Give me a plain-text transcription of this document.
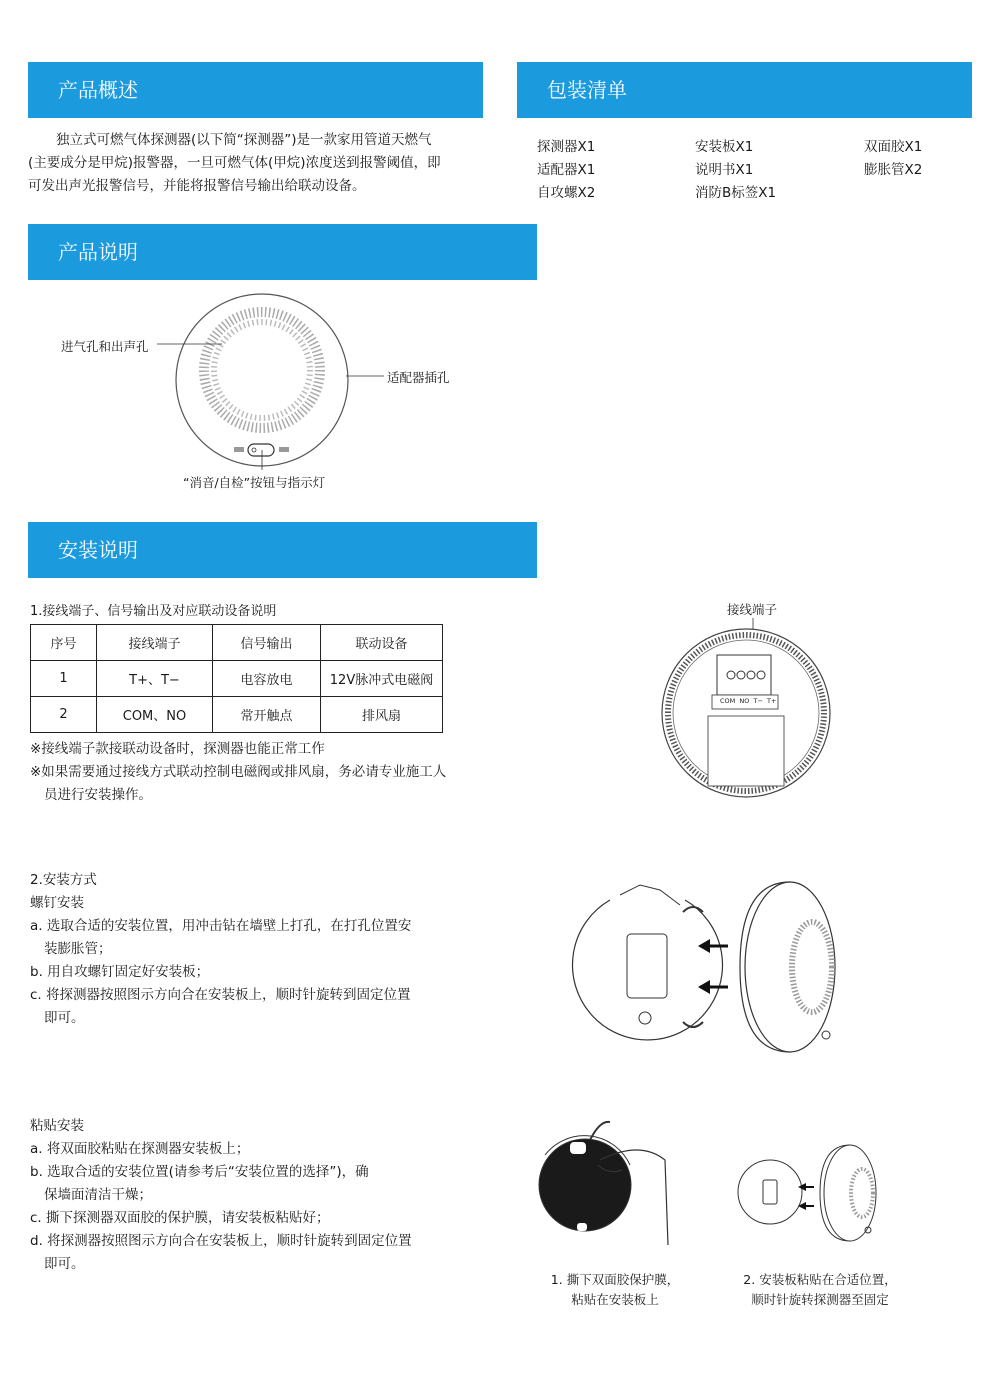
产品概述	包装清单
产品说明
安装说明
独立式可燃气体探测器(以下简“探测器”)是一款家用管道天燃气
(主要成分是甲烷)报警器，一旦可燃气体(甲烷)浓度送到报警阈值，即
可发出声光报警信号，并能将报警信号输出给联动设备。
探测器X1	安装板X1	双面胶X1
适配器X1	说明书X1	膨胀管X2
自攻螺X2	消防B标签X1
进气孔和出声孔
适配器插孔
“消音/自检”按钮与指示灯
1.接线端子、信号输出及对应联动设备说明
序号	接线端子	信号输出	联动设备
1	T+、T−	电容放电	12V脉冲式电磁阀
2	COM、NO	常开触点	排风扇
※接线端子款接联动设备时，探测器也能正常工作
※如果需要通过接线方式联动控制电磁阀或排风扇，务必请专业施工人
员进行安装操作。
接线端子
COM  NO  T−  T+
2.安装方式
螺钉安装
a. 选取合适的安装位置，用冲击钻在墙壁上打孔，在打孔位置安
装膨胀管；
b. 用自攻螺钉固定好安装板；
c. 将探测器按照图示方向合在安装板上，顺时针旋转到固定位置
即可。
粘贴安装
a. 将双面胶粘贴在探测器安装板上；
b. 选取合适的安装位置(请参考后“安装位置的选择”)，确
保墙面清洁干燥；
c. 撕下探测器双面胶的保护膜，请安装板粘贴好；
d. 将探测器按照图示方向合在安装板上，顺时针旋转到固定位置
即可。
1. 撕下双面胶保护膜，
粘贴在安装板上
2. 安装板粘贴在合适位置，
顺时针旋转探测器至固定
